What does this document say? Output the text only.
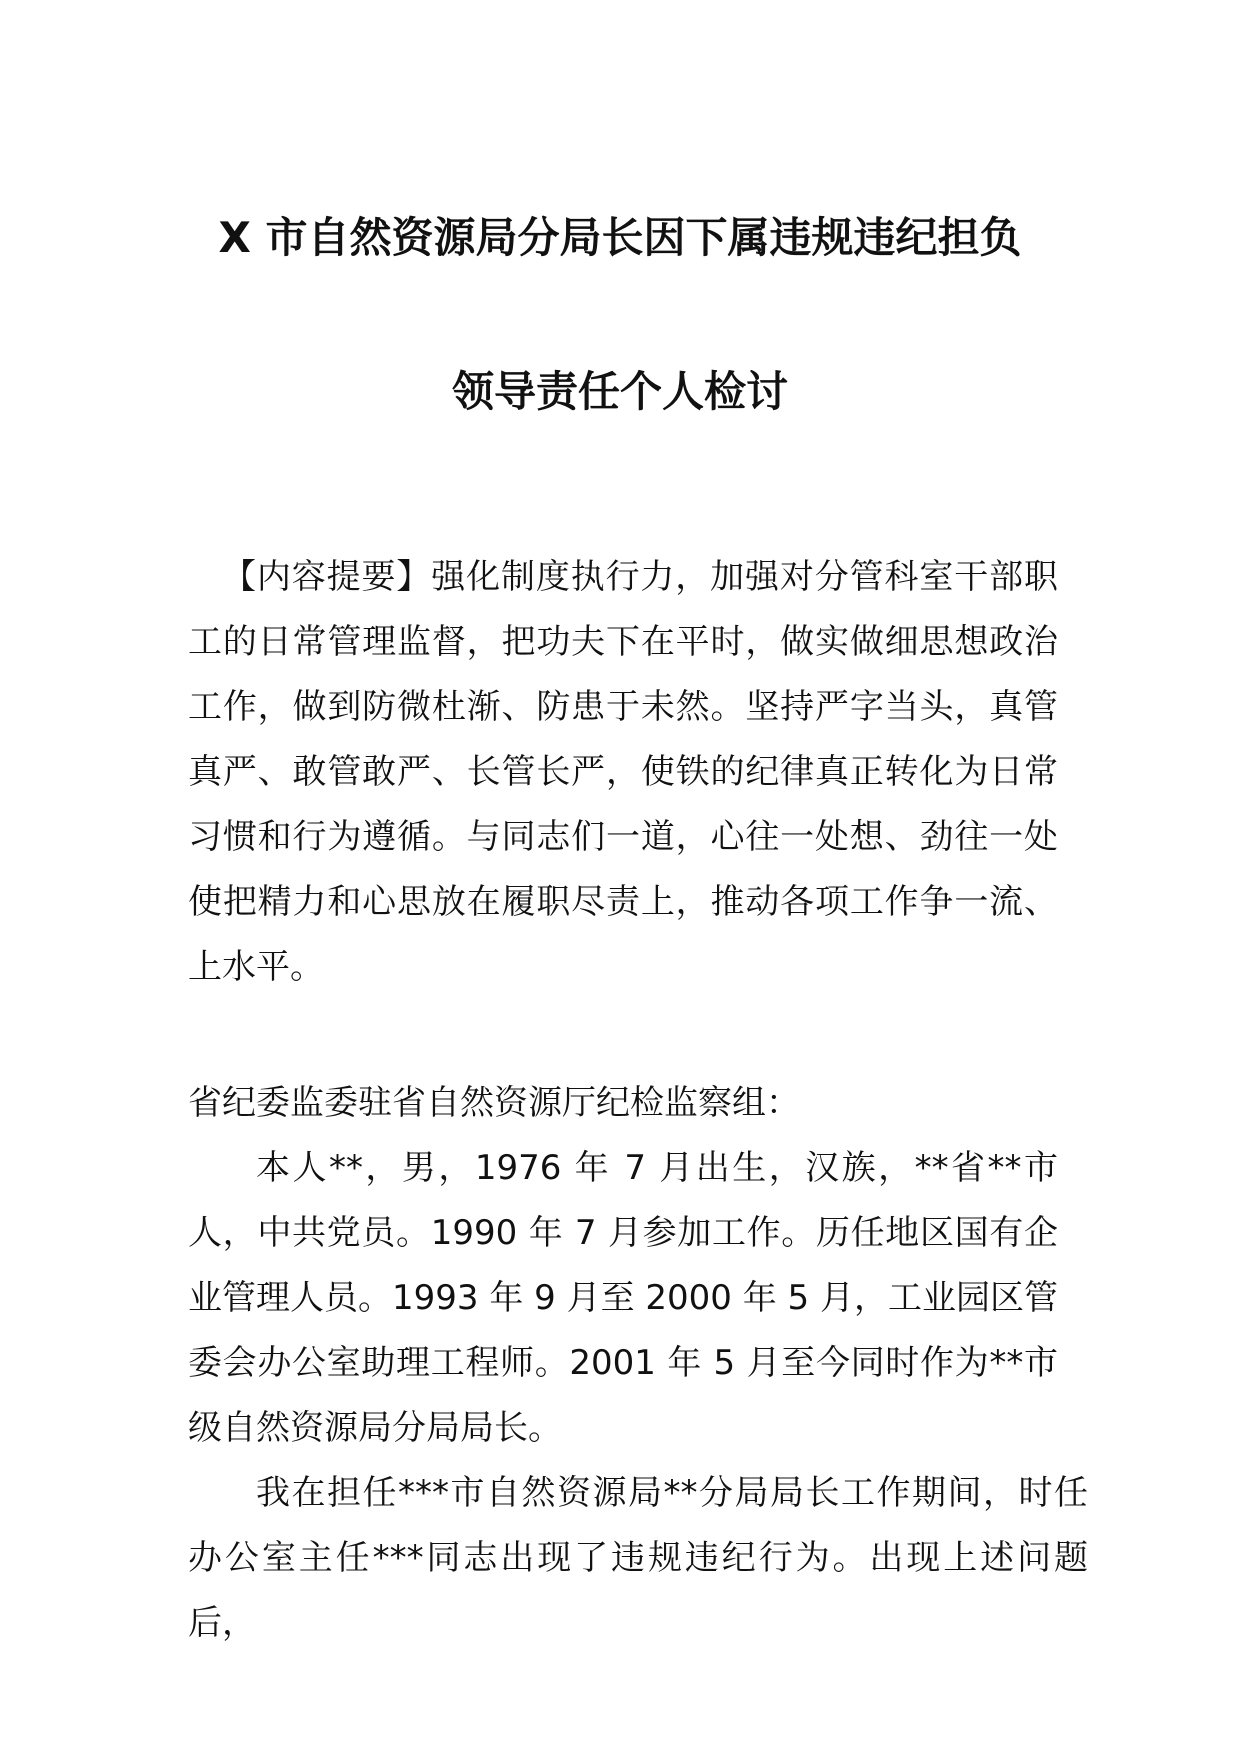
X 市自然资源局分局长因下属违规违纪担负
领导责任个人检讨
【内容提要】强化制度执行力，加强对分管科室干部职工的日常管理监督，把功夫下在平时，做实做细思想政治工作，做到防微杜渐、防患于未然。坚持严字当头，真管真严、敢管敢严、长管长严，使铁的纪律真正转化为日常习惯和行为遵循。与同志们一道，心往一处想、劲往一处使把精力和心思放在履职尽责上，推动各项工作争一流、上水平。
省纪委监委驻省自然资源厅纪检监察组：
本人**，男，1976 年 7 月出生，汉族，**省**市人，中共党员。1990 年 7 月参加工作。历任地区国有企业管理人员。1993 年 9 月至 2000 年 5 月，工业园区管委会办公室助理工程师。2001 年 5 月至今同时作为**市级自然资源局分局局长。
我在担任***市自然资源局**分局局长工作期间，时任办公室主任***同志出现了违规违纪行为。出现上述问题后，
